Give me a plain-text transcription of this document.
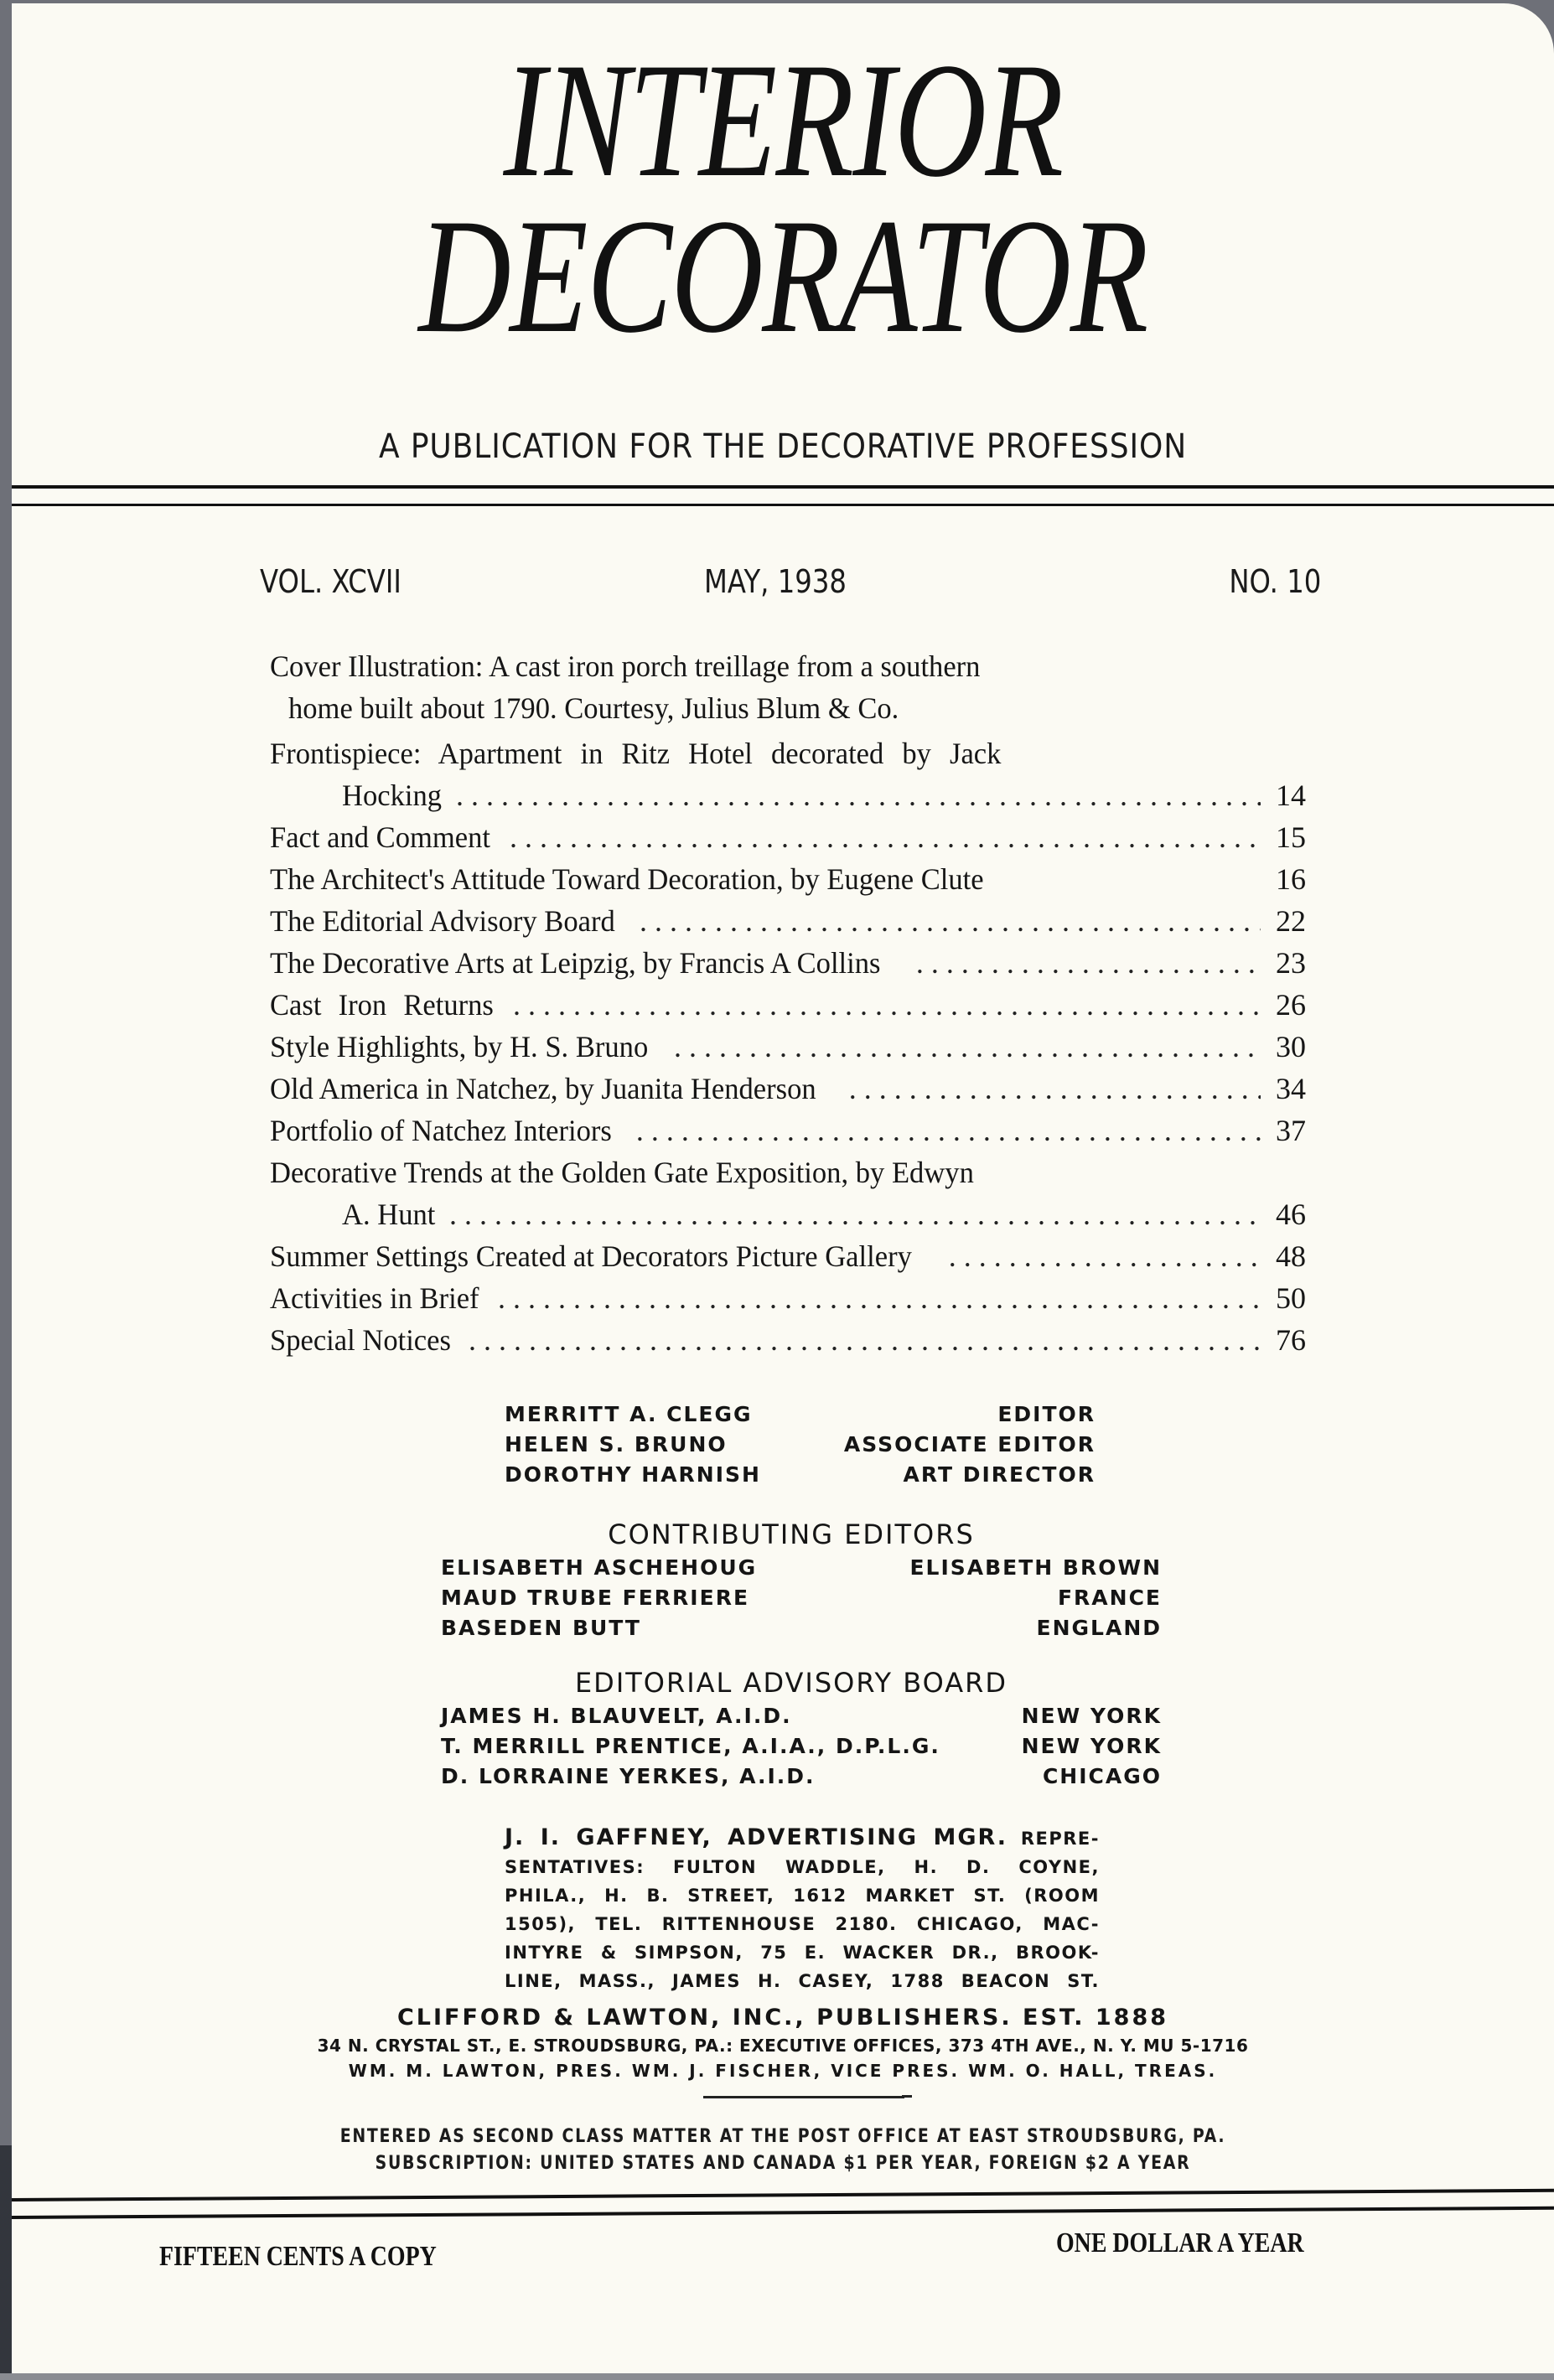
INTERIOR
DECORATOR
A PUBLICATION FOR THE DECORATIVE PROFESSION
VOL. XCVII	MAY, 1938	NO. 10
Cover Illustration: A cast iron porch treillage from a southern
home built about 1790. Courtesy, Julius Blum & Co.
Frontispiece: Apartment in Ritz Hotel decorated by Jack
Hocking . . .	14
Fact and Comment . . .	15
The Architect's Attitude Toward Decoration, by Eugene Clute	16
The Editorial Advisory Board . . .	22
The Decorative Arts at Leipzig, by Francis A Collins . . .	23
Cast Iron Returns . . .	26
Style Highlights, by H. S. Bruno . . .	30
Old America in Natchez, by Juanita Henderson . . .	34
Portfolio of Natchez Interiors . . .	37
Decorative Trends at the Golden Gate Exposition, by Edwyn
A. Hunt . . .	46
Summer Settings Created at Decorators Picture Gallery . . .	48
Activities in Brief . . .	50
Special Notices . . .	76
MERRITT A. CLEGG	EDITOR
HELEN S. BRUNO	ASSOCIATE EDITOR
DOROTHY HARNISH	ART DIRECTOR
CONTRIBUTING EDITORS
ELISABETH ASCHEHOUG	ELISABETH BROWN
MAUD TRUBE FERRIERE	FRANCE
BASEDEN BUTT	ENGLAND
EDITORIAL ADVISORY BOARD
JAMES H. BLAUVELT, A.I.D.	NEW YORK
T. MERRILL PRENTICE, A.I.A., D.P.L.G.	NEW YORK
D. LORRAINE YERKES, A.I.D.	CHICAGO
J. I. GAFFNEY, ADVERTISING MGR. REPRE-
SENTATIVES: FULTON WADDLE, H. D. COYNE,
PHILA., H. B. STREET, 1612 MARKET ST. (ROOM
1505), TEL. RITTENHOUSE 2180. CHICAGO, MAC-
INTYRE & SIMPSON, 75 E. WACKER DR., BROOK-
LINE, MASS., JAMES H. CASEY, 1788 BEACON ST.
CLIFFORD & LAWTON, INC., PUBLISHERS. EST. 1888
34 N. CRYSTAL ST., E. STROUDSBURG, PA.: EXECUTIVE OFFICES, 373 4TH AVE., N. Y. MU 5-1716
WM. M. LAWTON, PRES. WM. J. FISCHER, VICE PRES. WM. O. HALL, TREAS.
ENTERED AS SECOND CLASS MATTER AT THE POST OFFICE AT EAST STROUDSBURG, PA.
SUBSCRIPTION: UNITED STATES AND CANADA $1 PER YEAR, FOREIGN $2 A YEAR
FIFTEEN CENTS A COPY	ONE DOLLAR A YEAR
